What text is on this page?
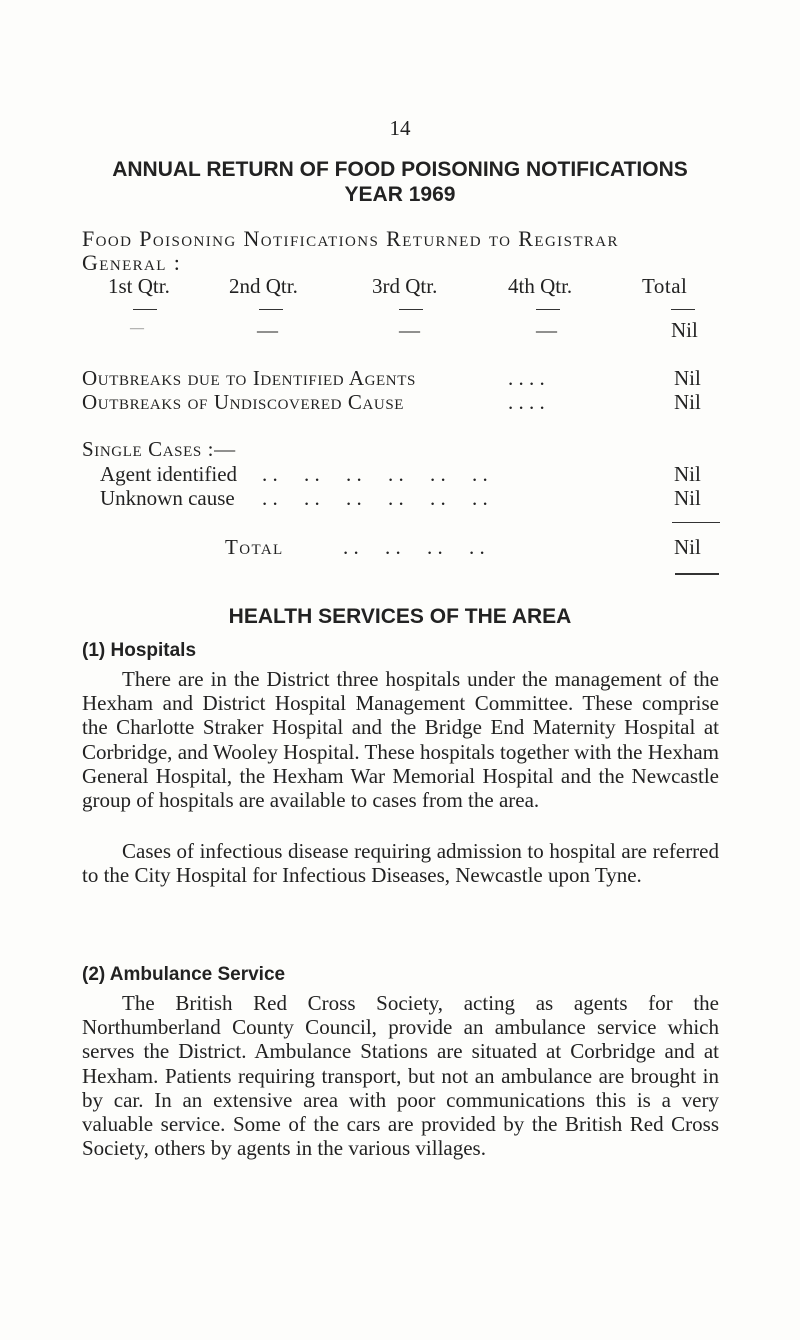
14
ANNUAL RETURN OF FOOD POISONING NOTIFICATIONS
YEAR 1969
Food Poisoning Notifications Returned to Registrar
General :
1st Qtr.	2nd Qtr.	3rd Qtr.	4th Qtr.	Total
—	—	—	—	Nil
Outbreaks due to Identified Agents	. . . .	Nil
Outbreaks of Undiscovered Cause	. . . .	Nil
Single Cases :—
Agent identified . .     . .     . .     . .     . .     . .	Nil
Unknown cause . .     . .     . .     . .     . .     . .	Nil
Total	. .     . .     . .     . .	Nil
HEALTH SERVICES OF THE AREA
(1) Hospitals
There are in the District three hospitals under the management of the Hexham and District Hospital Management Committee. These comprise the Charlotte Straker Hospital and the Bridge End Maternity Hospital at Corbridge, and Wooley Hospital. These hospitals together with the Hexham General Hospital, the Hexham War Memorial Hospital and the Newcastle group of hospitals are available to cases from the area.
Cases of infectious disease requiring admission to hospital are referred to the City Hospital for Infectious Diseases, Newcastle upon Tyne.
(2) Ambulance Service
The British Red Cross Society, acting as agents for the Northumberland County Council, provide an ambulance service which serves the District. Ambulance Stations are situated at Corbridge and at Hexham. Patients requiring transport, but not an ambulance are brought in by car. In an extensive area with poor communications this is a very valuable service. Some of the cars are provided by the British Red Cross Society, others by agents in the various villages.
